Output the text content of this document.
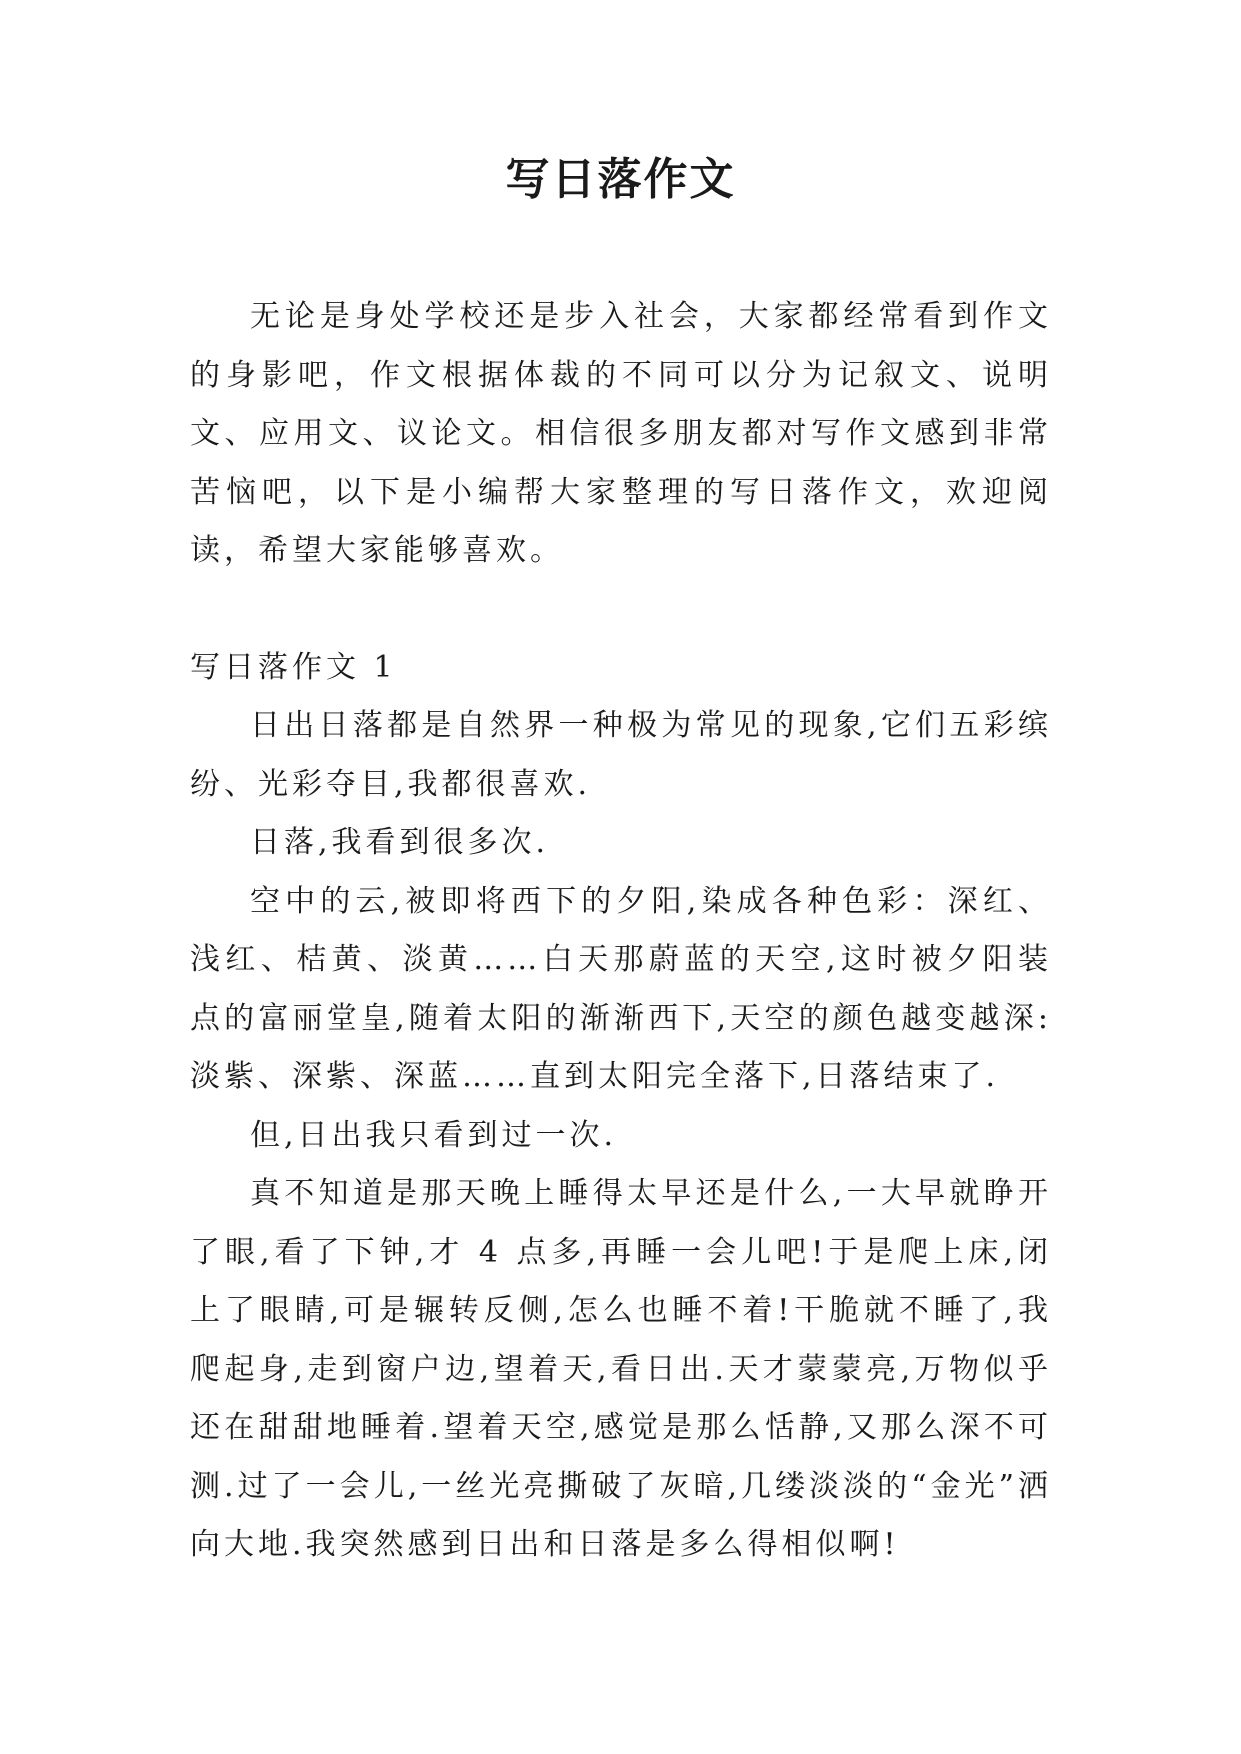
写日落作文

无论是身处学校还是步入社会，大家都经常看到作文的身影吧，作文根据体裁的不同可以分为记叙文、说明文、应用文、议论文。相信很多朋友都对写作文感到非常苦恼吧，以下是小编帮大家整理的写日落作文，欢迎阅读，希望大家能够喜欢。

写日落作文 1

日出日落都是自然界一种极为常见的现象,它们五彩缤纷、光彩夺目,我都很喜欢.

日落,我看到很多次.

空中的云,被即将西下的夕阳,染成各种色彩：深红、浅红、桔黄、淡黄……白天那蔚蓝的天空,这时被夕阳装点的富丽堂皇,随着太阳的渐渐西下,天空的颜色越变越深: 淡紫、深紫、深蓝……直到太阳完全落下,日落结束了.

但,日出我只看到过一次.

真不知道是那天晚上睡得太早还是什么,一大早就睁开了眼,看了下钟,才 4 点多,再睡一会儿吧!于是爬上床,闭上了眼睛,可是辗转反侧,怎么也睡不着!干脆就不睡了,我爬起身,走到窗户边,望着天,看日出.天才蒙蒙亮,万物似乎还在甜甜地睡着.望着天空,感觉是那么恬静,又那么深不可测.过了一会儿,一丝光亮撕破了灰暗,几缕淡淡的“金光”洒向大地.我突然感到日出和日落是多么得相似啊!
